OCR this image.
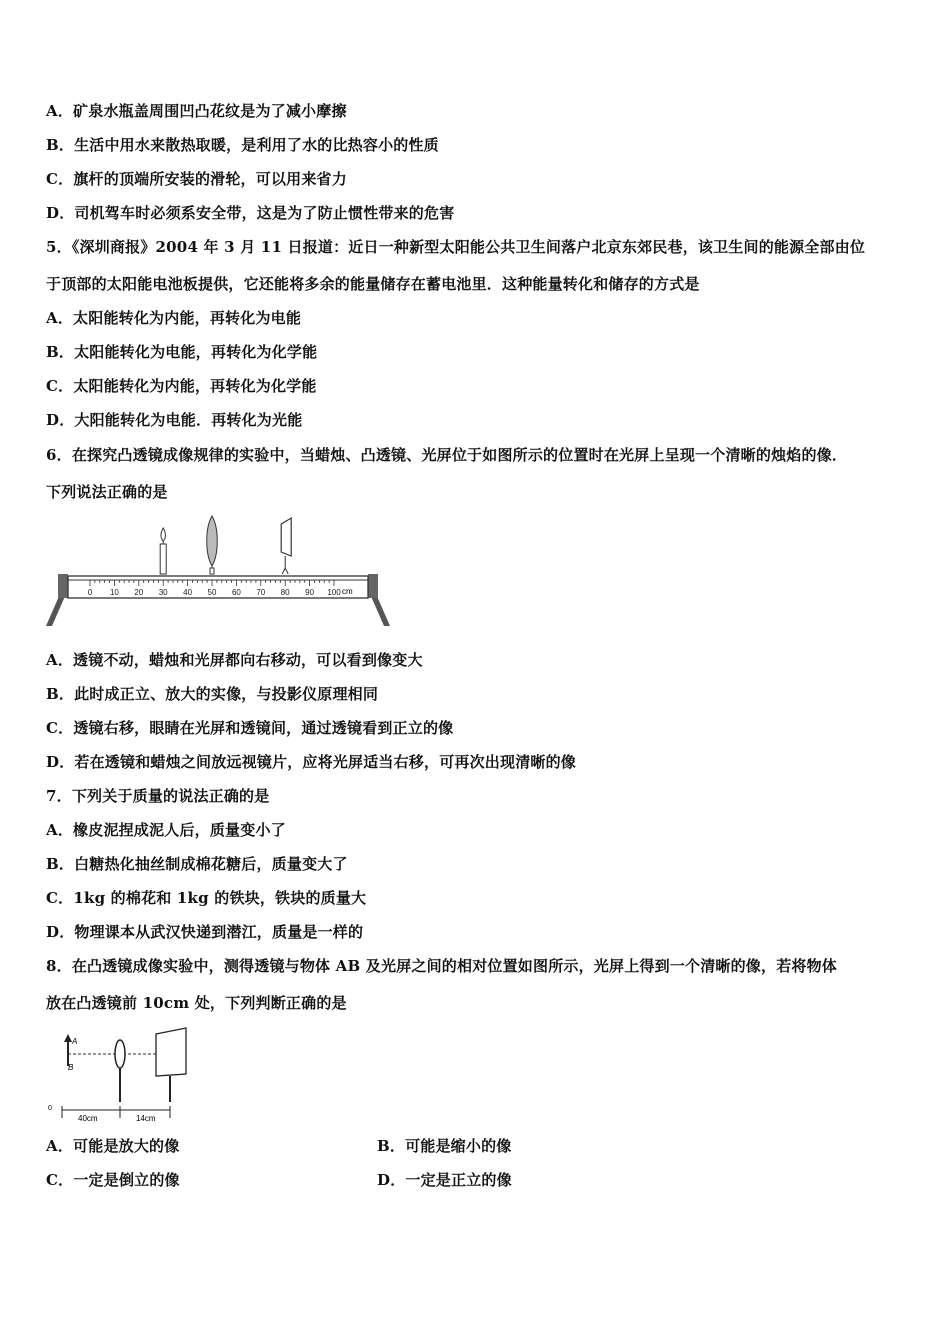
A．矿泉水瓶盖周围凹凸花纹是为了减小摩擦
B．生活中用水来散热取暖，是利用了水的比热容小的性质
C．旗杆的顶端所安装的滑轮，可以用来省力
D．司机驾车时必须系安全带，这是为了防止惯性带来的危害
5．《深圳商报》2004 年 3 月 11 日报道：近日一种新型太阳能公共卫生间落户北京东郊民巷，该卫生间的能源全部由位
于顶部的太阳能电池板提供，它还能将多余的能量储存在蓄电池里．这种能量转化和储存的方式是
A．太阳能转化为内能，再转化为电能
B．太阳能转化为电能，再转化为化学能
C．太阳能转化为内能，再转化为化学能
D．大阳能转化为电能．再转化为光能
6．在探究凸透镜成像规律的实验中，当蜡烛、凸透镜、光屏位于如图所示的位置时在光屏上呈现一个清晰的烛焰的像．
下列说法正确的是
0 10 20 30 40 50 60 70 80 90 100 cm
A．透镜不动，蜡烛和光屏都向右移动，可以看到像变大
B．此时成正立、放大的实像，与投影仪原理相同
C．透镜右移，眼睛在光屏和透镜间，通过透镜看到正立的像
D．若在透镜和蜡烛之间放远视镜片，应将光屏适当右移，可再次出现清晰的像
7．下列关于质量的说法正确的是
A．橡皮泥捏成泥人后，质量变小了
B．白糖热化抽丝制成棉花糖后，质量变大了
C．1kg 的棉花和 1kg 的铁块，铁块的质量大
D．物理课本从武汉快递到潜江，质量是一样的
8．在凸透镜成像实验中，测得透镜与物体 AB 及光屏之间的相对位置如图所示，光屏上得到一个清晰的像，若将物体
放在凸透镜前 10cm 处，下列判断正确的是
A
B
0
40cm	14cm
A．可能是放大的像	B．可能是缩小的像
C．一定是倒立的像	D．一定是正立的像
